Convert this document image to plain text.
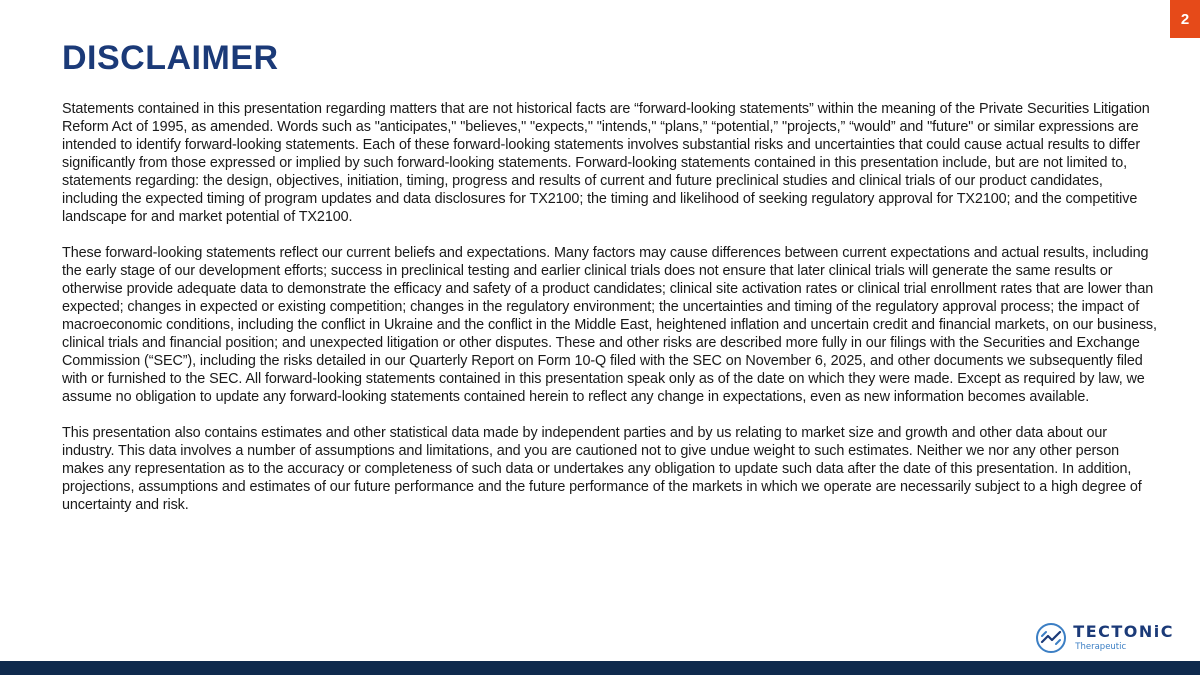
2
DISCLAIMER

Statements contained in this presentation regarding matters that are not historical facts are “forward-looking statements” within the meaning of the Private Securities Litigation Reform Act of 1995, as amended. Words such as "anticipates," "believes," "expects," "intends," “plans,” “potential,” "projects,” “would” and "future" or similar expressions are intended to identify forward-looking statements. Each of these forward-looking statements involves substantial risks and uncertainties that could cause actual results to differ significantly from those expressed or implied by such forward-looking statements. Forward-looking statements contained in this presentation include, but are not limited to, statements regarding: the design, objectives, initiation, timing, progress and results of current and future preclinical studies and clinical trials of our product candidates, including the expected timing of program updates and data disclosures for TX2100; the timing and likelihood of seeking regulatory approval for TX2100; and the competitive landscape for and market potential of TX2100.

These forward-looking statements reflect our current beliefs and expectations. Many factors may cause differences between current expectations and actual results, including the early stage of our development efforts; success in preclinical testing and earlier clinical trials does not ensure that later clinical trials will generate the same results or otherwise provide adequate data to demonstrate the efficacy and safety of a product candidates; clinical site activation rates or clinical trial enrollment rates that are lower than expected; changes in expected or existing competition; changes in the regulatory environment; the uncertainties and timing of the regulatory approval process; the impact of macroeconomic conditions, including the conflict in Ukraine and the conflict in the Middle East, heightened inflation and uncertain credit and financial markets, on our business, clinical trials and financial position; and unexpected litigation or other disputes. These and other risks are described more fully in our filings with the Securities and Exchange Commission (“SEC”), including the risks detailed in our Quarterly Report on Form 10-Q filed with the SEC on November 6, 2025, and other documents we subsequently filed with or furnished to the SEC. All forward-looking statements contained in this presentation speak only as of the date on which they were made. Except as required by law, we assume no obligation to update any forward-looking statements contained herein to reflect any change in expectations, even as new information becomes available.

This presentation also contains estimates and other statistical data made by independent parties and by us relating to market size and growth and other data about our industry. This data involves a number of assumptions and limitations, and you are cautioned not to give undue weight to such estimates. Neither we nor any other person makes any representation as to the accuracy or completeness of such data or undertakes any obligation to update such data after the date of this presentation. In addition, projections, assumptions and estimates of our future performance and the future performance of the markets in which we operate are necessarily subject to a high degree of uncertainty and risk.

TECTONiC
Therapeutic
